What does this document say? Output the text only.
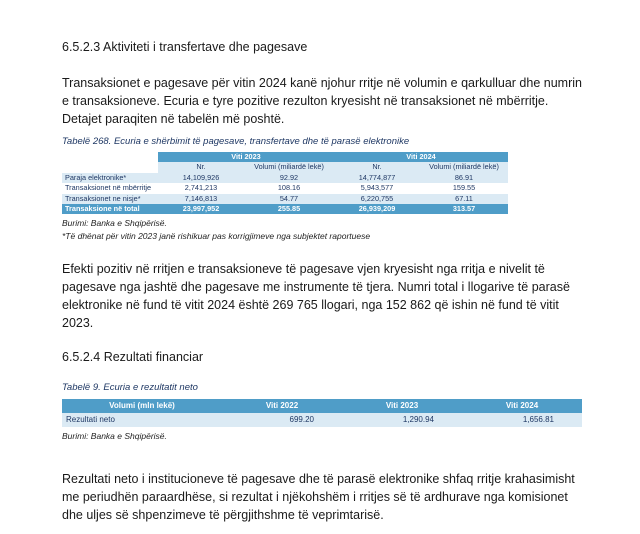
6.5.2.3 Aktiviteti i transfertave dhe pagesave
Transaksionet e pagesave për vitin 2024 kanë njohur rritje në volumin e qarkulluar dhe numrin e transaksioneve. Ecuria e tyre pozitive rezulton kryesisht në transaksionet në mbërritje. Detajet paraqiten në tabelën më poshtë.
Tabelë 268. Ecuria e shërbimit të pagesave, transfertave dhe të parasë elektronike
	Viti 2023		Viti 2024	
	Nr.	Volumi (miliardë lekë)	Nr.	Volumi (miliardë lekë)
Paraja elektronike*	14,109,926	92.92	14,774,877	86.91
Transaksionet në mbërritje	2,741,213	108.16	5,943,577	159.55
Transaksionet ne nisje*	7,146,813	54.77	6,220,755	67.11
Transaksione në total	23,997,952	255.85	26,939,209	313.57
Burimi: Banka e Shqipërisë.
*Të dhënat për vitin 2023 janë rishikuar pas korrigjimeve nga subjektet raportuese
Efekti pozitiv në rritjen e transaksioneve të pagesave vjen kryesisht nga rritja e nivelit të pagesave nga jashtë dhe pagesave me instrumente të tjera. Numri total i llogarive të parasë elektronike në fund të vitit 2024 është 269 765 llogari, nga 152 862 që ishin në fund të vitit 2023.
6.5.2.4 Rezultati financiar
Tabelë 9. Ecuria e rezultatit neto
Volumi (mln lekë)	Viti 2022	Viti 2023	Viti 2024
Rezultati neto	699.20	1,290.94	1,656.81
Burimi: Banka e Shqipërisë.
Rezultati neto i institucioneve të pagesave dhe të parasë elektronike shfaq rritje krahasimisht me periudhën paraardhëse, si rezultat i njëkohshëm i rritjes së të ardhurave nga komisionet dhe uljes së shpenzimeve të përgjithshme të veprimtarisë.
